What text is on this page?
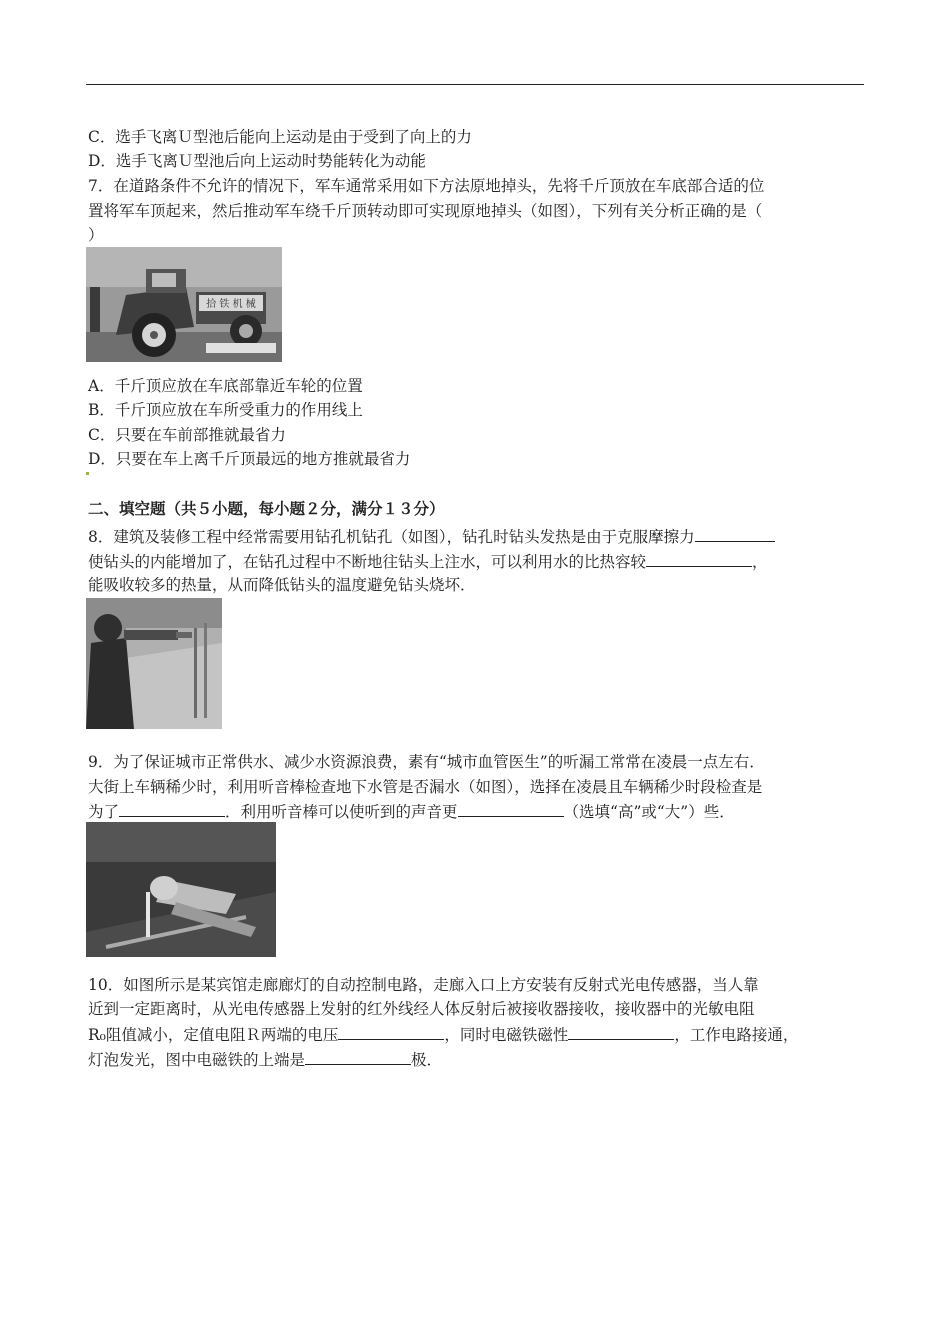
C．选手飞离Ｕ型池后能向上运动是由于受到了向上的力
D．选手飞离Ｕ型池后向上运动时势能转化为动能
7．在道路条件不允许的情况下，军车通常采用如下方法原地掉头，先将千斤顶放在车底部合适的位
置将军车顶起来，然后推动军车绕千斤顶转动即可实现原地掉头（如图），下列有关分析正确的是（
）
拾 铁 机 械
A．千斤顶应放在车底部靠近车轮的位置
B．千斤顶应放在车所受重力的作用线上
C．只要在车前部推就最省力
D．只要在车上离千斤顶最远的地方推就最省力
二、填空题（共５小题，每小题２分，满分１３分）
8．建筑及装修工程中经常需要用钻孔机钻孔（如图），钻孔时钻头发热是由于克服摩擦力
使钻头的内能增加了，在钻孔过程中不断地往钻头上注水，可以利用水的比热容较	，
能吸收较多的热量，从而降低钻头的温度避免钻头烧坏．
9．为了保证城市正常供水、减少水资源浪费，素有“城市血管医生”的听漏工常常在凌晨一点左右．
大街上车辆稀少时，利用听音棒检查地下水管是否漏水（如图），选择在凌晨且车辆稀少时段检查是
为了	．利用听音棒可以使听到的声音更	（选填“高”或“大”）些．
10．如图所示是某宾馆走廊廊灯的自动控制电路，走廊入口上方安装有反射式光电传感器，当人靠
近到一定距离时，从光电传感器上发射的红外线经人体反射后被接收器接收，接收器中的光敏电阻
R₀阻值减小，定值电阻Ｒ两端的电压	，同时电磁铁磁性	，工作电路接通，
灯泡发光，图中电磁铁的上端是	极．
